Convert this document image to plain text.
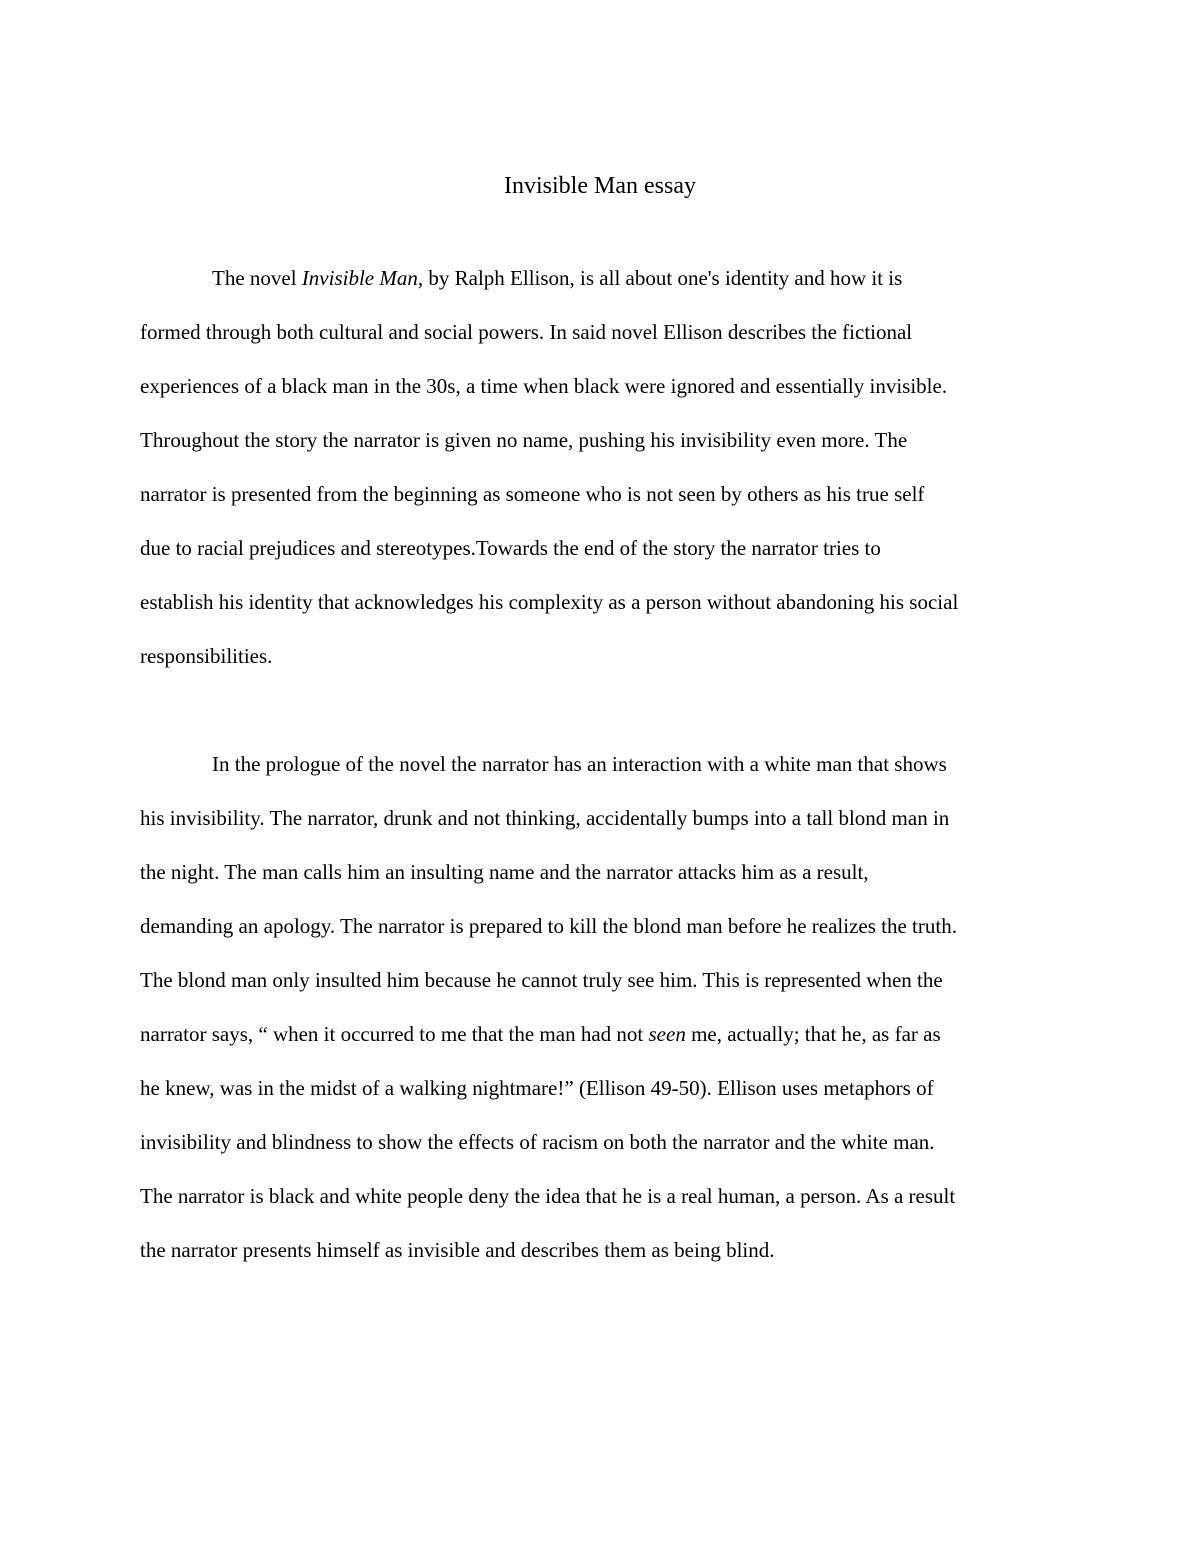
Invisible Man essay
The novel Invisible Man, by Ralph Ellison, is all about one's identity and how it is
formed through both cultural and social powers. In said novel Ellison describes the fictional
experiences of a black man in the 30s, a time when black were ignored and essentially invisible.
Throughout the story the narrator is given no name, pushing his invisibility even more. The
narrator is presented from the beginning as someone who is not seen by others as his true self
due to racial prejudices and stereotypes.Towards the end of the story the narrator tries to
establish his identity that acknowledges his complexity as a person without abandoning his social
responsibilities.
In the prologue of the novel the narrator has an interaction with a white man that shows
his invisibility. The narrator, drunk and not thinking, accidentally bumps into a tall blond man in
the night. The man calls him an insulting name and the narrator attacks him as a result,
demanding an apology. The narrator is prepared to kill the blond man before he realizes the truth.
The blond man only insulted him because he cannot truly see him. This is represented when the
narrator says, “ when it occurred to me that the man had not seen me, actually; that he, as far as
he knew, was in the midst of a walking nightmare!” (Ellison 49-50). Ellison uses metaphors of
invisibility and blindness to show the effects of racism on both the narrator and the white man.
The narrator is black and white people deny the idea that he is a real human, a person. As a result
the narrator presents himself as invisible and describes them as being blind.
